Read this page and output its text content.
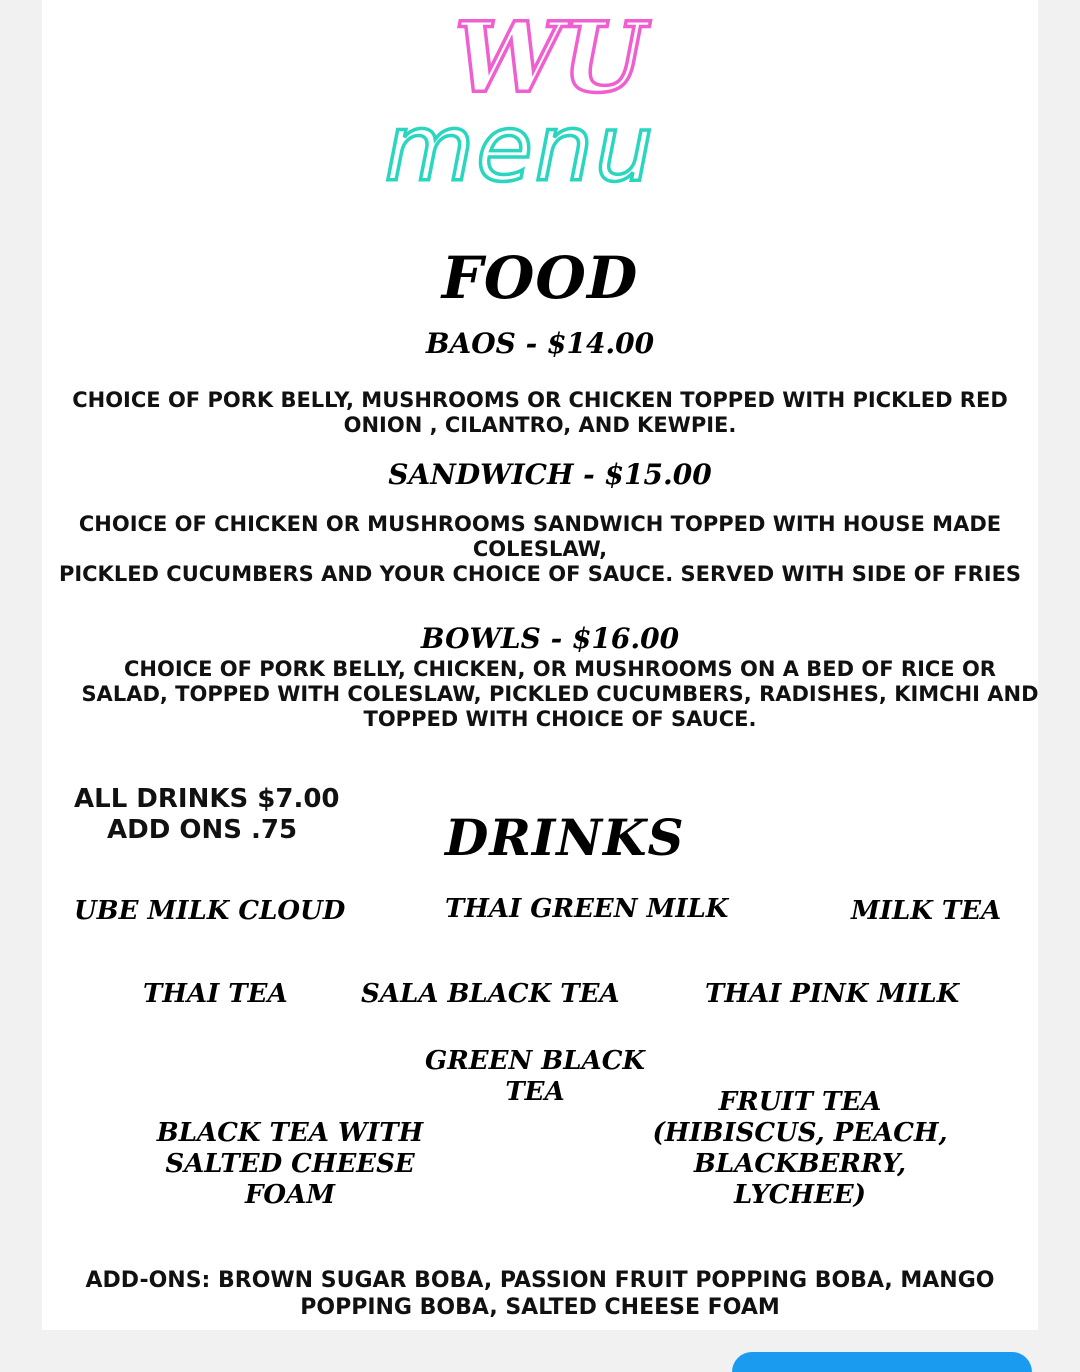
WU
menu
FOOD
BAOS - $14.00
CHOICE OF PORK BELLY, MUSHROOMS OR CHICKEN TOPPED WITH PICKLED RED
ONION , CILANTRO, AND KEWPIE.
SANDWICH - $15.00
CHOICE OF CHICKEN OR MUSHROOMS SANDWICH TOPPED WITH HOUSE MADE
COLESLAW,
PICKLED CUCUMBERS AND YOUR CHOICE OF SAUCE. SERVED WITH SIDE OF FRIES
BOWLS - $16.00
CHOICE OF PORK BELLY, CHICKEN, OR MUSHROOMS ON A BED OF RICE OR
SALAD, TOPPED WITH COLESLAW, PICKLED CUCUMBERS, RADISHES, KIMCHI AND
TOPPED WITH CHOICE OF SAUCE.
ALL DRINKS $7.00
ADD ONS .75	DRINKS
UBE MILK CLOUD	THAI GREEN MILK	MILK TEA
THAI TEA	SALA BLACK TEA	THAI PINK MILK
GREEN BLACK
TEA
BLACK TEA WITH
SALTED CHEESE
FOAM
FRUIT TEA
(HIBISCUS, PEACH,
BLACKBERRY,
LYCHEE)
ADD-ONS: BROWN SUGAR BOBA, PASSION FRUIT POPPING BOBA, MANGO
POPPING BOBA, SALTED CHEESE FOAM
